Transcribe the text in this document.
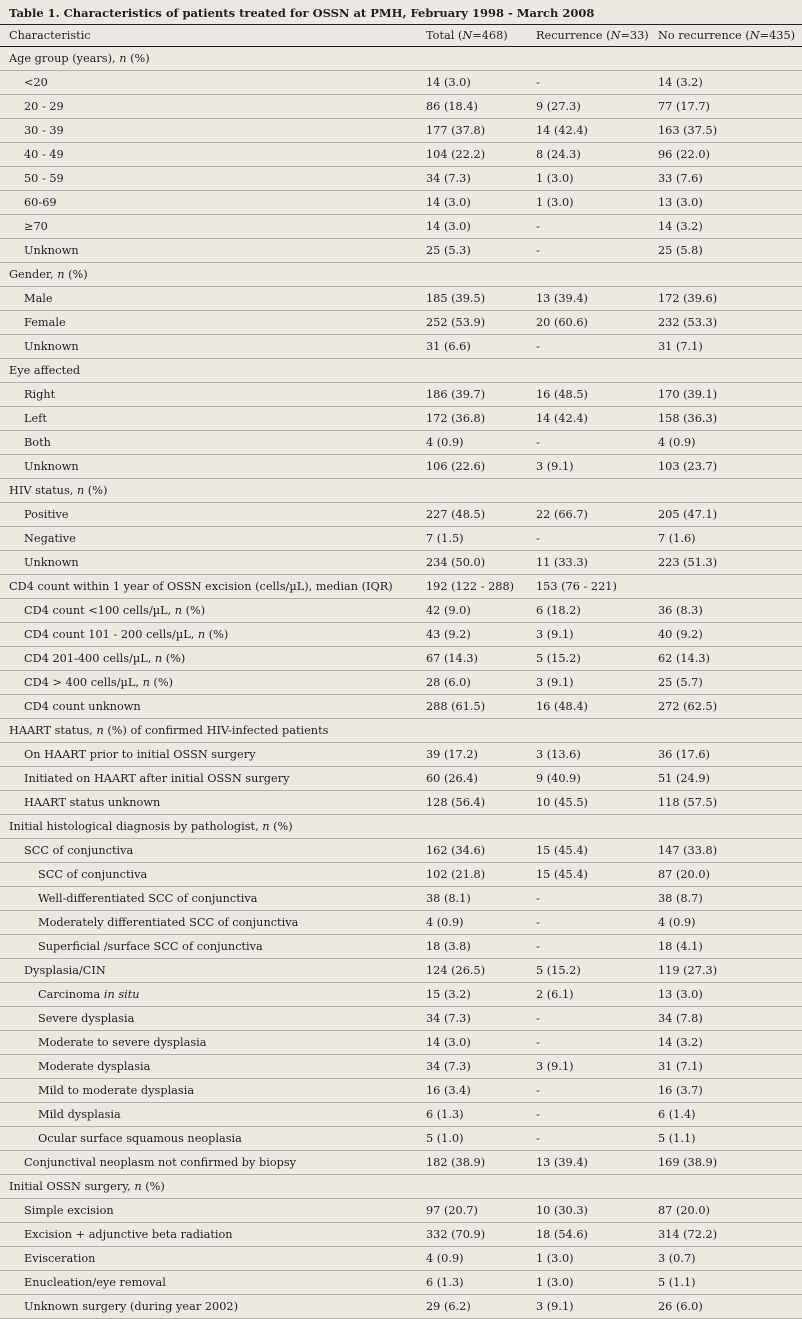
Table 1. Characteristics of patients treated for OSSN at PMH, February 1998 - March 2008
Characteristic	Total (N=468)	Recurrence (N=33)	No recurrence (N=435)
Age group (years), n (%)			
<20	14 (3.0)	-	14 (3.2)
20 - 29	86 (18.4)	9 (27.3)	77 (17.7)
30 - 39	177 (37.8)	14 (42.4)	163 (37.5)
40 - 49	104 (22.2)	8 (24.3)	96 (22.0)
50 - 59	34 (7.3)	1 (3.0)	33 (7.6)
60-69	14 (3.0)	1 (3.0)	13 (3.0)
≥70	14 (3.0)	-	14 (3.2)
Unknown	25 (5.3)	-	25 (5.8)
Gender, n (%)			
Male	185 (39.5)	13 (39.4)	172 (39.6)
Female	252 (53.9)	20 (60.6)	232 (53.3)
Unknown	31 (6.6)	-	31 (7.1)
Eye affected			
Right	186 (39.7)	16 (48.5)	170 (39.1)
Left	172 (36.8)	14 (42.4)	158 (36.3)
Both	4 (0.9)	-	4 (0.9)
Unknown	106 (22.6)	3 (9.1)	103 (23.7)
HIV status, n (%)			
Positive	227 (48.5)	22 (66.7)	205 (47.1)
Negative	7 (1.5)	-	7 (1.6)
Unknown	234 (50.0)	11 (33.3)	223 (51.3)
CD4 count within 1 year of OSSN excision (cells/µL), median (IQR)	192 (122 - 288)	153 (76 - 221)	
CD4 count <100 cells/µL, n (%)	42 (9.0)	6 (18.2)	36 (8.3)
CD4 count 101 - 200 cells/µL, n (%)	43 (9.2)	3 (9.1)	40 (9.2)
CD4 201-400 cells/µL, n (%)	67 (14.3)	5 (15.2)	62 (14.3)
CD4 > 400 cells/µL, n (%)	28 (6.0)	3 (9.1)	25 (5.7)
CD4 count unknown	288 (61.5)	16 (48.4)	272 (62.5)
HAART status, n (%) of confirmed HIV-infected patients			
On HAART prior to initial OSSN surgery	39 (17.2)	3 (13.6)	36 (17.6)
Initiated on HAART after initial OSSN surgery	60 (26.4)	9 (40.9)	51 (24.9)
HAART status unknown	128 (56.4)	10 (45.5)	118 (57.5)
Initial histological diagnosis by pathologist, n (%)			
SCC of conjunctiva	162 (34.6)	15 (45.4)	147 (33.8)
SCC of conjunctiva	102 (21.8)	15 (45.4)	87 (20.0)
Well-differentiated SCC of conjunctiva	38 (8.1)	-	38 (8.7)
Moderately differentiated SCC of conjunctiva	4 (0.9)	-	4 (0.9)
Superficial /surface SCC of conjunctiva	18 (3.8)	-	18 (4.1)
Dysplasia/CIN	124 (26.5)	5 (15.2)	119 (27.3)
Carcinoma in situ	15 (3.2)	2 (6.1)	13 (3.0)
Severe dysplasia	34 (7.3)	-	34 (7.8)
Moderate to severe dysplasia	14 (3.0)	-	14 (3.2)
Moderate dysplasia	34 (7.3)	3 (9.1)	31 (7.1)
Mild to moderate dysplasia	16 (3.4)	-	16 (3.7)
Mild dysplasia	6 (1.3)	-	6 (1.4)
Ocular surface squamous neoplasia	5 (1.0)	-	5 (1.1)
Conjunctival neoplasm not confirmed by biopsy	182 (38.9)	13 (39.4)	169 (38.9)
Initial OSSN surgery, n (%)			
Simple excision	97 (20.7)	10 (30.3)	87 (20.0)
Excision + adjunctive beta radiation	332 (70.9)	18 (54.6)	314 (72.2)
Evisceration	4 (0.9)	1 (3.0)	3 (0.7)
Enucleation/eye removal	6 (1.3)	1 (3.0)	5 (1.1)
Unknown surgery (during year 2002)	29 (6.2)	3 (9.1)	26 (6.0)
